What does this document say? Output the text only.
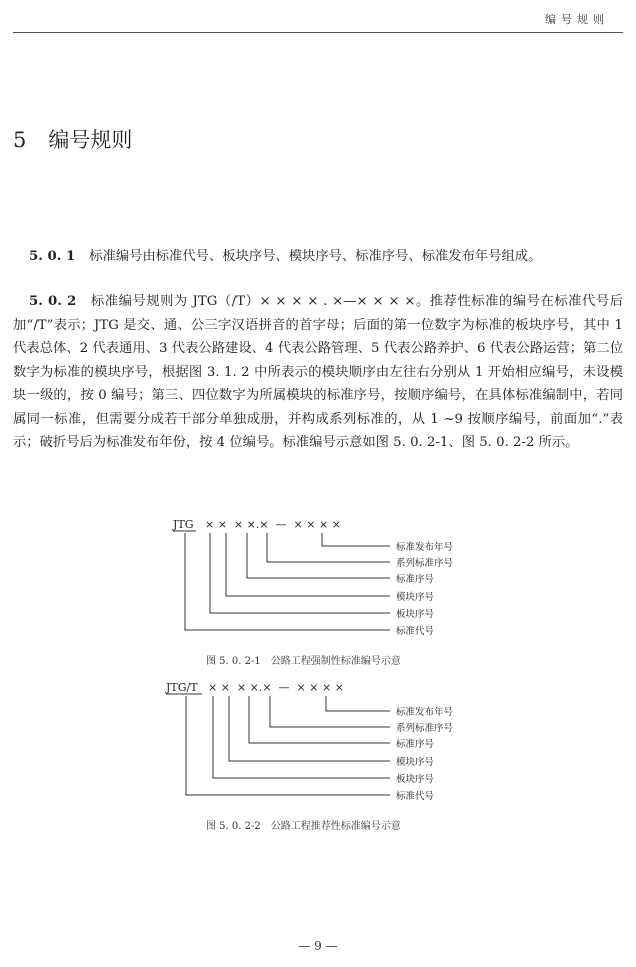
编号规则
5 编号规则
5. 0. 1 标准编号由标准代号、板块序号、模块序号、标准序号、标准发布年号组成。
5. 0. 2 标准编号规则为 JTG（/T）× × × × . ×—× × × ×。推荐性标准的编号在标准代号后加“/T”表示；JTG 是交、通、公三字汉语拼音的首字母；后面的第一位数字为标准的板块序号，其中 1 代表总体、2 代表通用、3 代表公路建设、4 代表公路管理、5 代表公路养护、6 代表公路运营；第二位数字为标准的模块序号，根据图 3. 1. 2 中所表示的模块顺序由左往右分别从 1 开始相应编号，未设模块一级的，按 0 编号；第三、四位数字为所属模块的标准序号，按顺序编号，在具体标准编制中，若同属同一标准，但需要分成若干部分单独成册，并构成系列标准的，从 1 ~9 按顺序编号，前面加“.”表示；破折号后为标准发布年份，按 4 位编号。标准编号示意如图 5. 0. 2-1、图 5. 0. 2-2 所示。
JTG × ×  × ×.×  —  × × × ×
标准发布年号
系列标准序号
标准序号
模块序号
板块序号
标准代号
JTG/T × ×  × ×.×  —  × × × ×
标准发布年号
系列标准序号
标准序号
模块序号
板块序号
标准代号
图 5. 0. 2-1　公路工程强制性标准编号示意
图 5. 0. 2-2　公路工程推荐性标准编号示意
— 9 —
